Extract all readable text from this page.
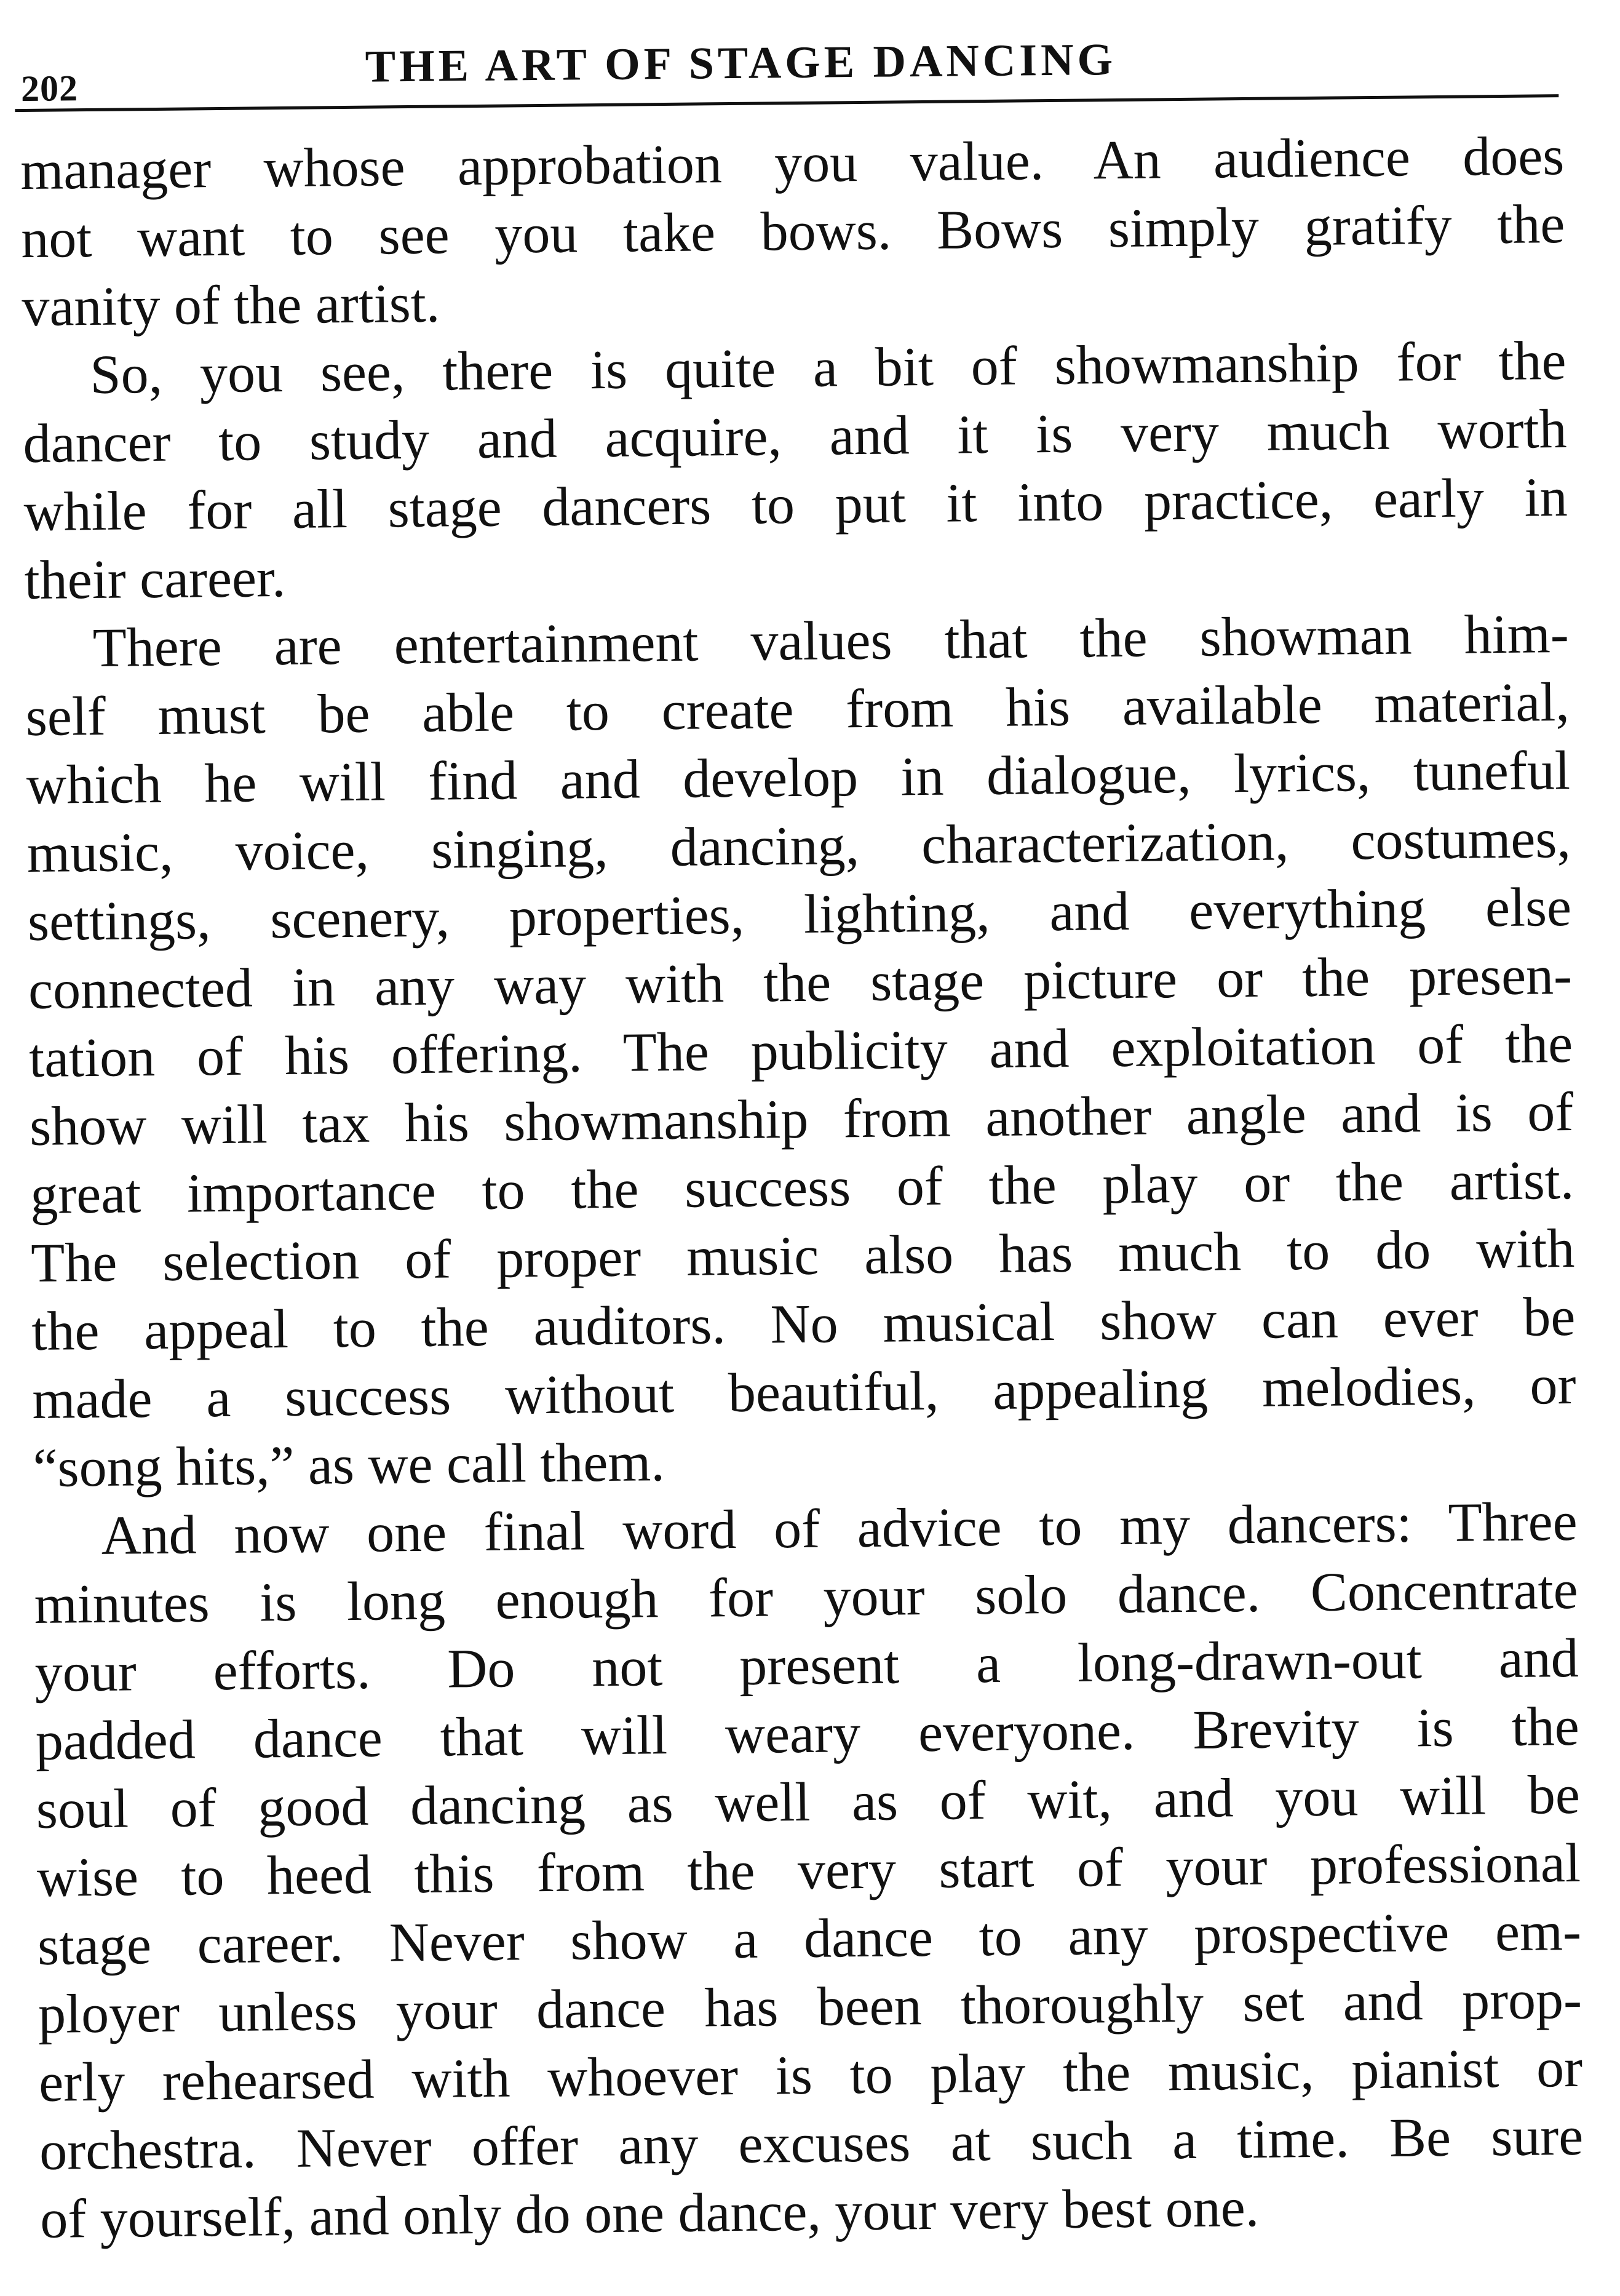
202	THE ART OF STAGE DANCING
manager whose approbation you value. An audience does
not want to see you take bows. Bows simply gratify the
vanity of the artist.
So, you see, there is quite a bit of showmanship for the
dancer to study and acquire, and it is very much worth
while for all stage dancers to put it into practice, early in
their career.
There are entertainment values that the showman him-
self must be able to create from his available material,
which he will find and develop in dialogue, lyrics, tuneful
music, voice, singing, dancing, characterization, costumes,
settings, scenery, properties, lighting, and everything else
connected in any way with the stage picture or the presen-
tation of his offering. The publicity and exploitation of the
show will tax his showmanship from another angle and is of
great importance to the success of the play or the artist.
The selection of proper music also has much to do with
the appeal to the auditors. No musical show can ever be
made a success without beautiful, appealing melodies, or
“song hits,” as we call them.
And now one final word of advice to my dancers: Three
minutes is long enough for your solo dance. Concentrate
your efforts. Do not present a long-drawn-out and
padded dance that will weary everyone. Brevity is the
soul of good dancing as well as of wit, and you will be
wise to heed this from the very start of your professional
stage career. Never show a dance to any prospective em-
ployer unless your dance has been thoroughly set and prop-
erly rehearsed with whoever is to play the music, pianist or
orchestra. Never offer any excuses at such a time. Be sure
of yourself, and only do one dance, your very best one.
